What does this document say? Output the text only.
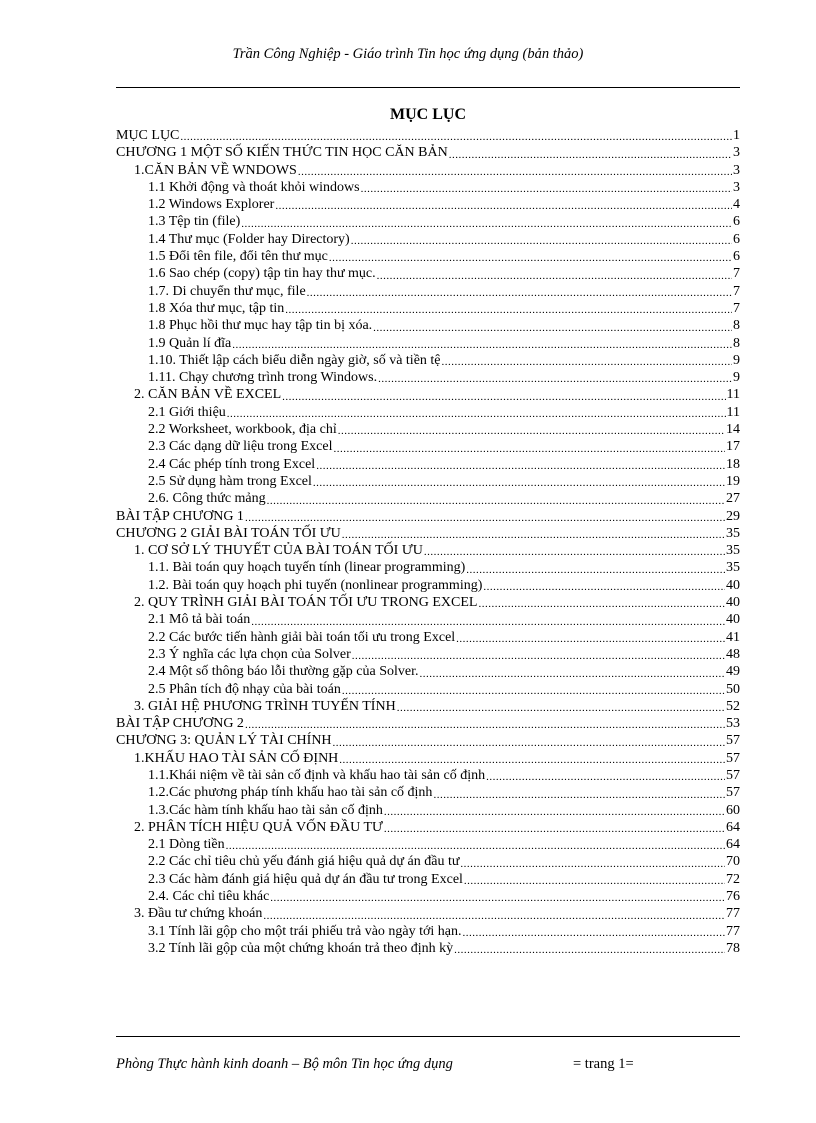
Trần Công Nghiệp - Giáo trình Tin học ứng dụng (bản thảo)
MỤC LỤC
MỤC LỤC .....	1
CHƯƠNG 1 MỘT SỐ KIẾN THỨC TIN HỌC CĂN BẢN .....	3
1.CĂN BẢN VỀ WNDOWS .....	3
1.1 Khởi động và thoát khỏi windows .....	3
1.2 Windows Explorer .....	4
1.3 Tệp tin (file) .....	6
1.4 Thư mục (Folder hay Directory) .....	6
1.5 Đổi tên file, đổi tên thư mục .....	6
1.6 Sao chép (copy) tập tin hay thư mục. .....	7
1.7. Di chuyển thư mục, file .....	7
1.8 Xóa thư mục, tập tin .....	7
1.8 Phục hồi thư mục hay tập tin bị xóa. .....	8
1.9 Quản lí đĩa .....	8
1.10. Thiết lập cách biểu diễn ngày giờ, số và tiền tệ .....	9
1.11. Chạy chương trình trong Windows. .....	9
2. CĂN BẢN VỀ EXCEL .....	11
2.1 Giới thiệu .....	11
2.2 Worksheet, workbook, địa chỉ .....	14
2.3 Các dạng dữ liệu trong Excel .....	17
2.4 Các phép tính trong Excel .....	18
2.5 Sử dụng hàm trong Excel .....	19
2.6. Công thức mảng .....	27
BÀI TẬP CHƯƠNG 1 .....	29
CHƯƠNG 2 GIẢI BÀI TOÁN TỐI ƯU .....	35
1. CƠ SỞ LÝ THUYẾT CỦA BÀI TOÁN TỐI ƯU .....	35
1.1. Bài toán quy hoạch tuyến tính (linear programming) .....	35
1.2. Bài toán quy hoạch phi tuyến (nonlinear programming) .....	40
2. QUY TRÌNH GIẢI BÀI TOÁN TỐI ƯU TRONG EXCEL .....	40
2.1 Mô tả bài toán .....	40
2.2 Các bước tiến hành giải bài toán tối ưu trong Excel .....	41
2.3 Ý nghĩa các lựa chọn của Solver .....	48
2.4 Một số thông báo lỗi thường gặp của Solver. .....	49
2.5 Phân tích độ nhạy của bài toán .....	50
3. GIẢI HỆ PHƯƠNG TRÌNH TUYẾN TÍNH .....	52
BÀI TẬP CHƯƠNG 2 .....	53
CHƯƠNG 3: QUẢN LÝ TÀI CHÍNH .....	57
1.KHẤU HAO TÀI SẢN CỐ ĐỊNH .....	57
1.1.Khái niệm về tài sản cố định và khấu hao tài sản cố định .....	57
1.2.Các phương pháp tính khấu hao tài sản cố định .....	57
1.3.Các hàm tính khấu hao tài sản cố định .....	60
2. PHÂN TÍCH HIỆU QUẢ VỐN ĐẦU TƯ .....	64
2.1 Dòng tiền .....	64
2.2 Các chỉ tiêu chủ yếu đánh giá hiệu quả dự án đầu tư .....	70
2.3 Các hàm đánh giá hiệu quả dự án đầu tư trong Excel .....	72
2.4. Các chỉ tiêu khác .....	76
3. Đầu tư chứng khoán .....	77
3.1 Tính lãi gộp cho một trái phiếu trả vào ngày tới hạn. .....	77
3.2 Tính lãi gộp của một chứng khoán trả theo định kỳ .....	78
Phòng Thực hành kinh doanh – Bộ môn Tin học ứng dụng	= trang 1=
